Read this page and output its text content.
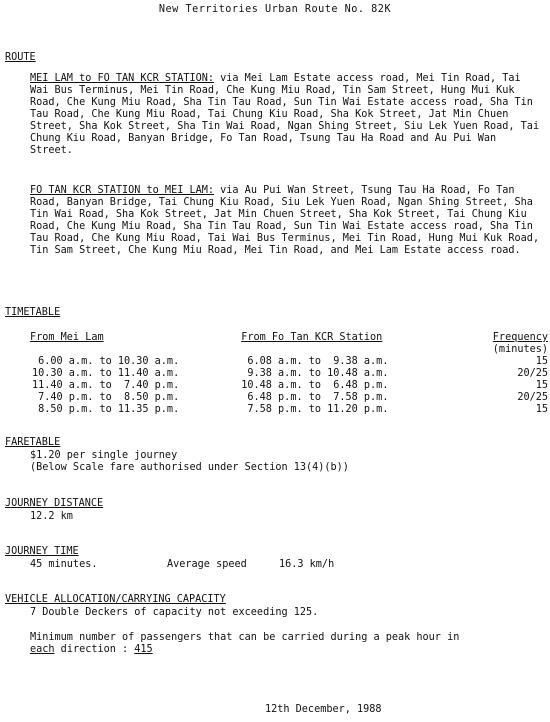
New Territories Urban Route No. 82K
ROUTE

MEI LAM to FO TAN KCR STATION: via Mei Lam Estate access road, Mei Tin Road, Tai Wai Bus Terminus, Mei Tin Road, Che Kung Miu Road, Tin Sam Street, Hung Mui Kuk Road, Che Kung Miu Road, Sha Tin Tau Road, Sun Tin Wai Estate access road, Sha Tin Tau Road, Che Kung Miu Road, Tai Chung Kiu Road, Sha Kok Street, Jat Min Chuen Street, Sha Kok Street, Sha Tin Wai Road, Ngan Shing Street, Siu Lek Yuen Road, Tai Chung Kiu Road, Banyan Bridge, Fo Tan Road, Tsung Tau Ha Road and Au Pui Wan Street.

FO TAN KCR STATION to MEI LAM: via Au Pui Wan Street, Tsung Tau Ha Road, Fo Tan Road, Banyan Bridge, Tai Chung Kiu Road, Siu Lek Yuen Road, Ngan Shing Street, Sha Tin Wai Road, Sha Kok Street, Jat Min Chuen Street, Sha Kok Street, Tai Chung Kiu Road, Che Kung Miu Road, Sha Tin Tau Road, Sun Tin Wai Estate access road, Sha Tin Tau Road, Che Kung Miu Road, Tai Wai Bus Terminus, Mei Tin Road, Hung Mui Kuk Road, Tin Sam Street, Che Kung Miu Road, Mei Tin Road, and Mei Lam Estate access road.

TIMETABLE
From Mei Lam	From Fo Tan KCR Station	Frequency
		(minutes)
6.00 a.m. to 10.30 a.m.	6.08 a.m. to  9.38 a.m.	15
10.30 a.m. to 11.40 a.m.	9.38 a.m. to 10.48 a.m.	20/25
11.40 a.m. to  7.40 p.m.	10.48 a.m. to  6.48 p.m.	15
7.40 p.m. to  8.50 p.m.	6.48 p.m. to  7.58 p.m.	20/25
8.50 p.m. to 11.35 p.m.	7.58 p.m. to 11.20 p.m.	15
FARETABLE
$1.20 per single journey
(Below Scale fare authorised under Section 13(4)(b))
JOURNEY DISTANCE
12.2 km
JOURNEY TIME
45 minutes.	Average speed	16.3 km/h
VEHICLE ALLOCATION/CARRYING CAPACITY
7 Double Deckers of capacity not exceeding 125.
Minimum number of passengers that can be carried during a peak hour in
each direction : 415
12th December, 1988
